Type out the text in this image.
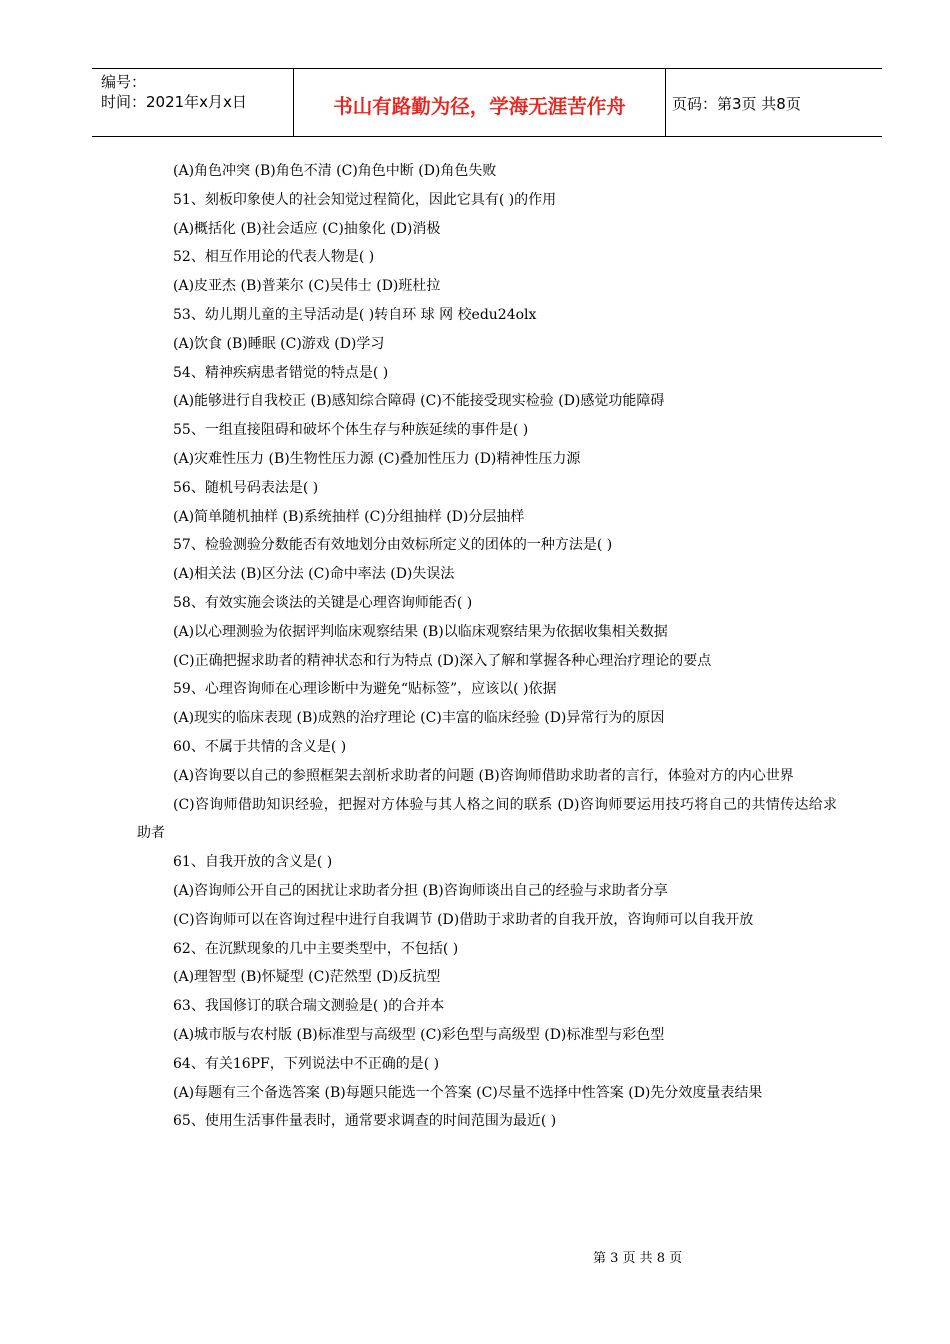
编号：
时间：2021年x月x日	书山有路勤为径，学海无涯苦作舟	页码：第3页 共8页
(A)角色冲突 (B)角色不清 (C)角色中断 (D)角色失败
51、刻板印象使人的社会知觉过程简化，因此它具有( )的作用
(A)概括化 (B)社会适应 (C)抽象化 (D)消极
52、相互作用论的代表人物是( )
(A)皮亚杰 (B)普莱尔 (C)吴伟士 (D)班杜拉
53、幼儿期儿童的主导活动是( )转自环 球 网 校edu24olx
(A)饮食 (B)睡眠 (C)游戏 (D)学习
54、精神疾病患者错觉的特点是( )
(A)能够进行自我校正 (B)感知综合障碍 (C)不能接受现实检验 (D)感觉功能障碍
55、一组直接阻碍和破坏个体生存与种族延续的事件是( )
(A)灾难性压力 (B)生物性压力源 (C)叠加性压力 (D)精神性压力源
56、随机号码表法是( )
(A)简单随机抽样 (B)系统抽样 (C)分组抽样 (D)分层抽样
57、检验测验分数能否有效地划分由效标所定义的团体的一种方法是( )
(A)相关法 (B)区分法 (C)命中率法 (D)失误法
58、有效实施会谈法的关键是心理咨询师能否( )
(A)以心理测验为依据评判临床观察结果 (B)以临床观察结果为依据收集相关数据
(C)正确把握求助者的精神状态和行为特点 (D)深入了解和掌握各种心理治疗理论的要点
59、心理咨询师在心理诊断中为避免“贴标签”，应该以( )依据
(A)现实的临床表现 (B)成熟的治疗理论 (C)丰富的临床经验 (D)异常行为的原因
60、不属于共情的含义是( )
(A)咨询要以自己的参照框架去剖析求助者的问题 (B)咨询师借助求助者的言行，体验对方的内心世界
(C)咨询师借助知识经验，把握对方体验与其人格之间的联系 (D)咨询师要运用技巧将自己的共情传达给求助者
61、自我开放的含义是( )
(A)咨询师公开自己的困扰让求助者分担 (B)咨询师谈出自己的经验与求助者分享
(C)咨询师可以在咨询过程中进行自我调节 (D)借助于求助者的自我开放，咨询师可以自我开放
62、在沉默现象的几中主要类型中，不包括( )
(A)理智型 (B)怀疑型 (C)茫然型 (D)反抗型
63、我国修订的联合瑞文测验是( )的合并本
(A)城市版与农村版 (B)标准型与高级型 (C)彩色型与高级型 (D)标准型与彩色型
64、有关16PF，下列说法中不正确的是( )
(A)每题有三个备选答案 (B)每题只能选一个答案 (C)尽量不选择中性答案 (D)先分效度量表结果
65、使用生活事件量表时，通常要求调查的时间范围为最近( )
第 3 页 共 8 页
